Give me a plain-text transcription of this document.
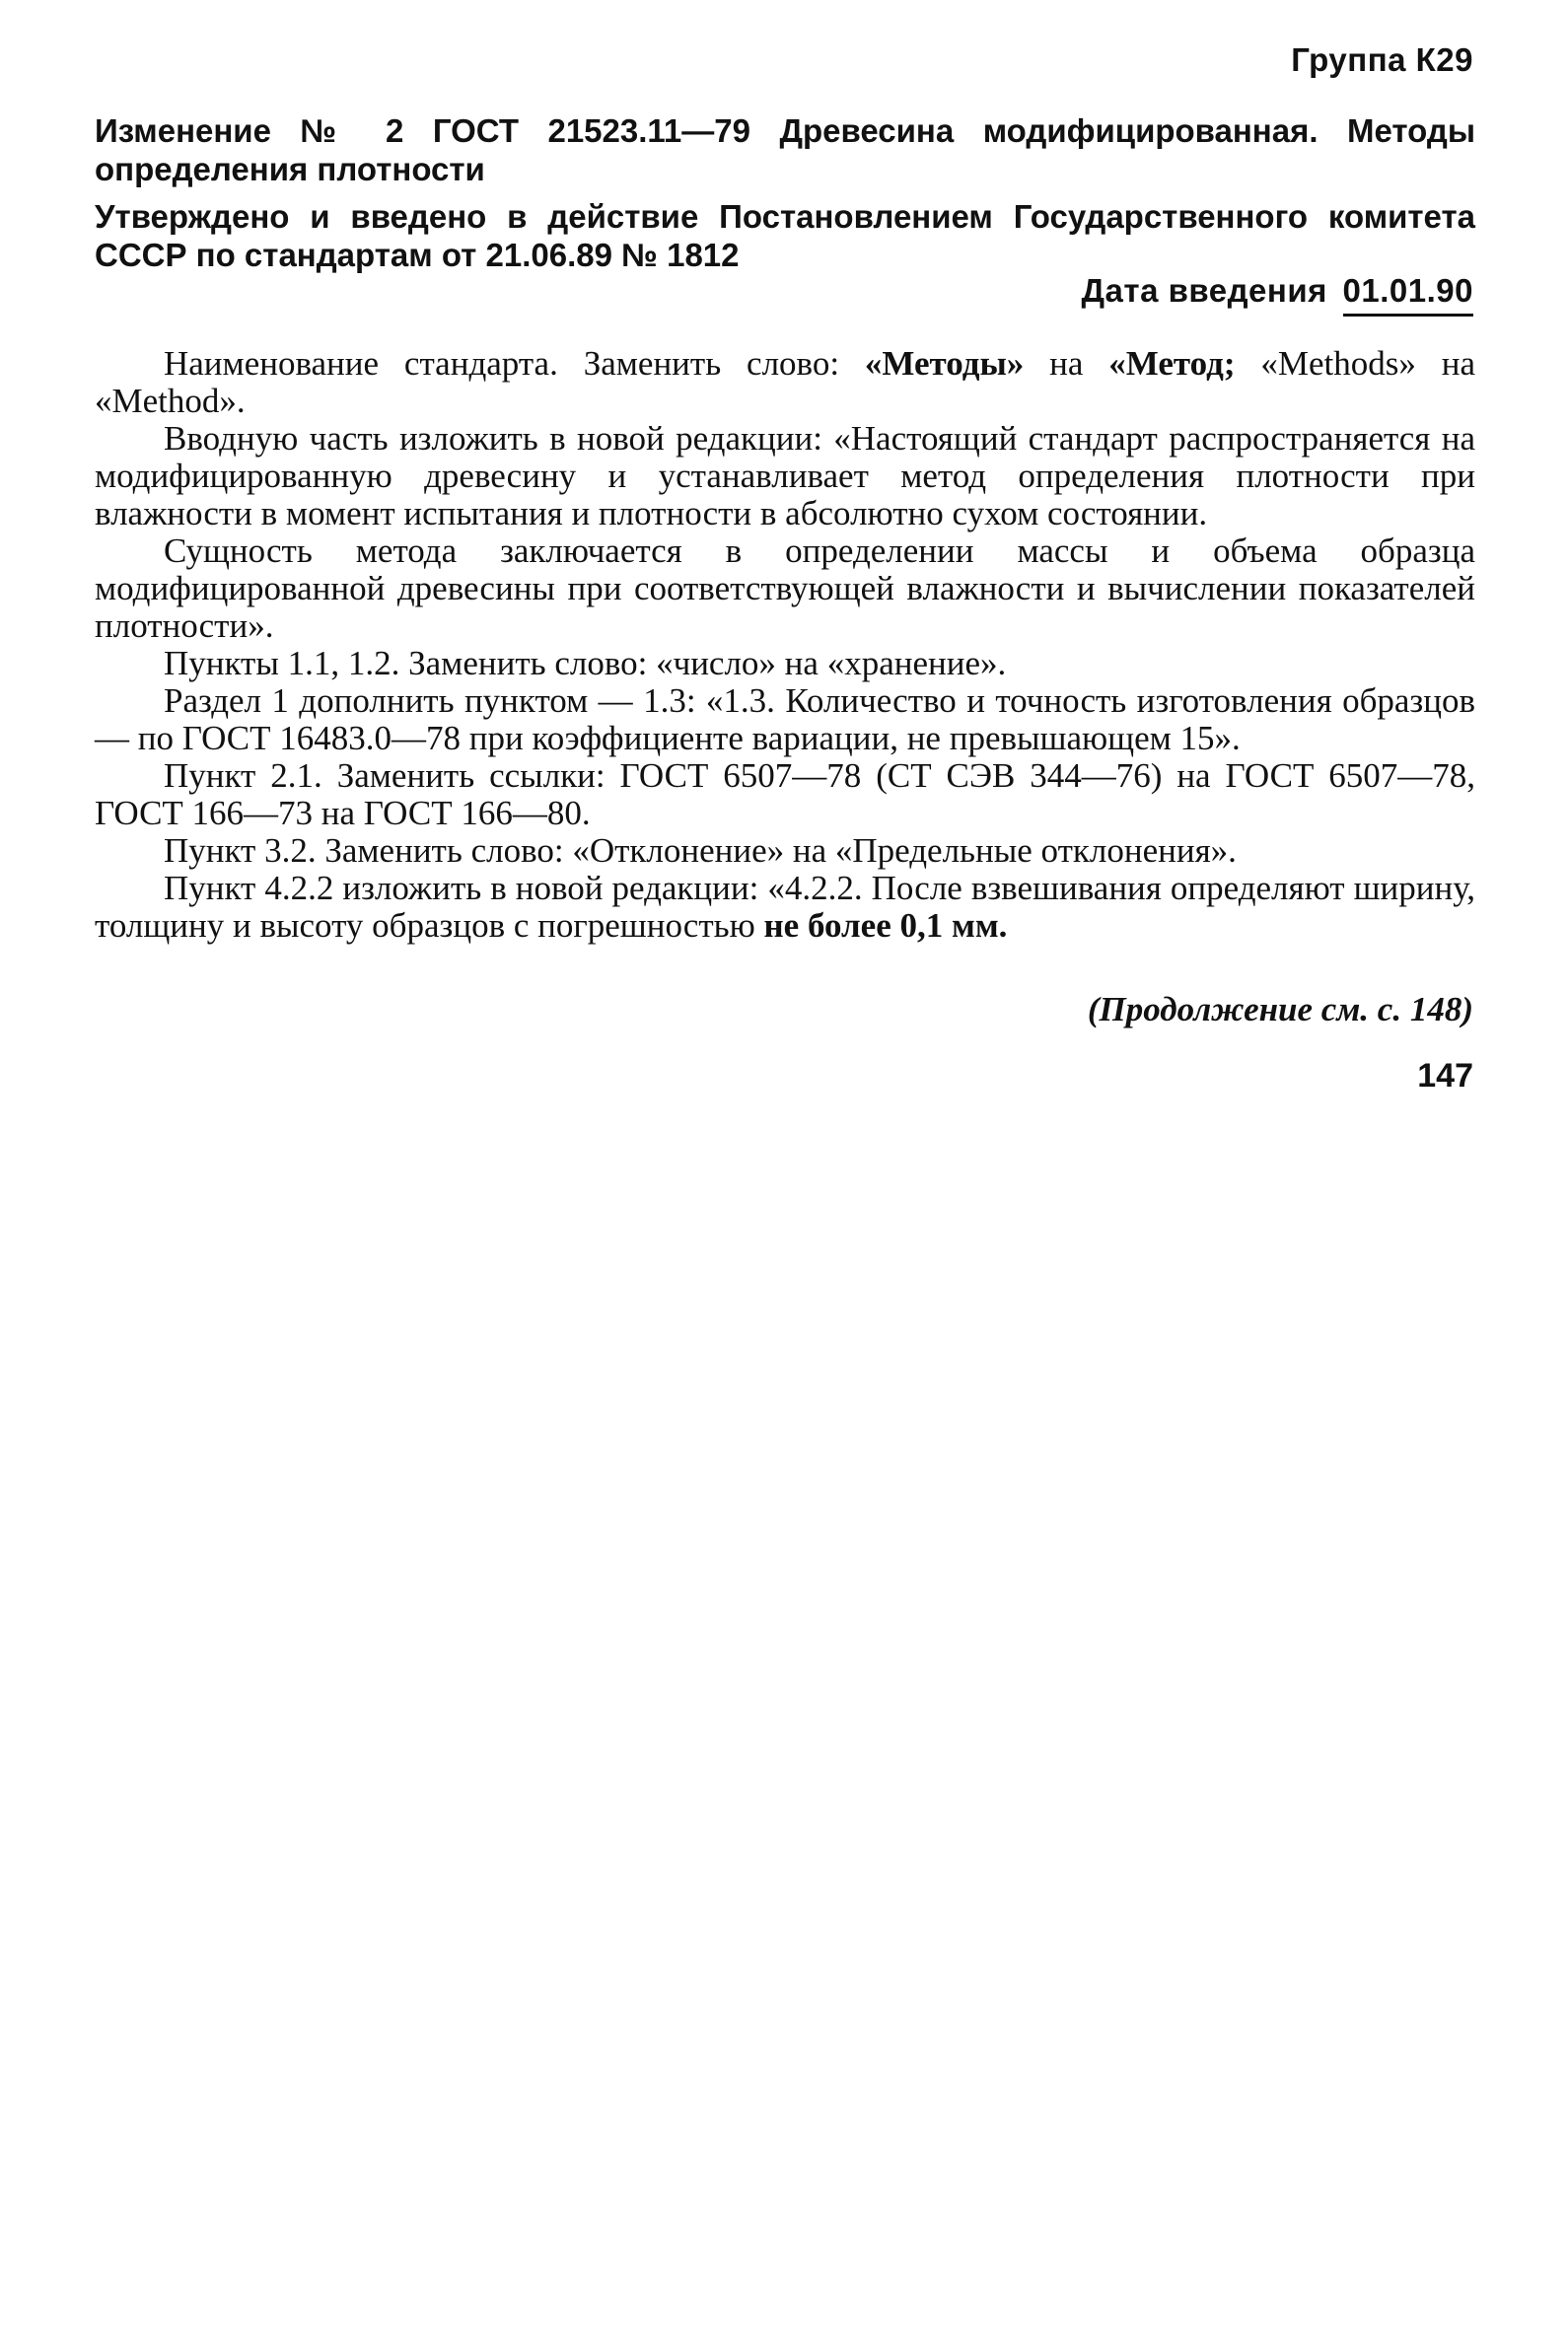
Группа К29
Изменение № 2 ГОСТ 21523.11—79 Древесина модифицированная. Методы определения плотности
Утверждено и введено в действие Постановлением Государственного комитета СССР по стандартам от 21.06.89 № 1812
Дата введения 01.01.90

Наименование стандарта. Заменить слово: «Методы» на «Метод; «Methods» на «Method».

Вводную часть изложить в новой редакции: «Настоящий стандарт распространяется на модифицированную древесину и устанавливает метод определения плотности при влажности в момент испытания и плотности в абсолютно сухом состоянии.

Сущность метода заключается в определении массы и объема образца модифицированной древесины при соответствующей влажности и вычислении показателей плотности».

Пункты 1.1, 1.2. Заменить слово: «число» на «хранение».

Раздел 1 дополнить пунктом — 1.3: «1.3. Количество и точность изготовления образцов — по ГОСТ 16483.0—78 при коэффициенте вариации, не превышающем 15».

Пункт 2.1. Заменить ссылки: ГОСТ 6507—78 (СТ СЭВ 344—76) на ГОСТ 6507—78, ГОСТ 166—73 на ГОСТ 166—80.

Пункт 3.2. Заменить слово: «Отклонение» на «Предельные отклонения».

Пункт 4.2.2 изложить в новой редакции: «4.2.2. После взвешивания определяют ширину, толщину и высоту образцов с погрешностью не более 0,1 мм.

(Продолжение см. с. 148)
147
